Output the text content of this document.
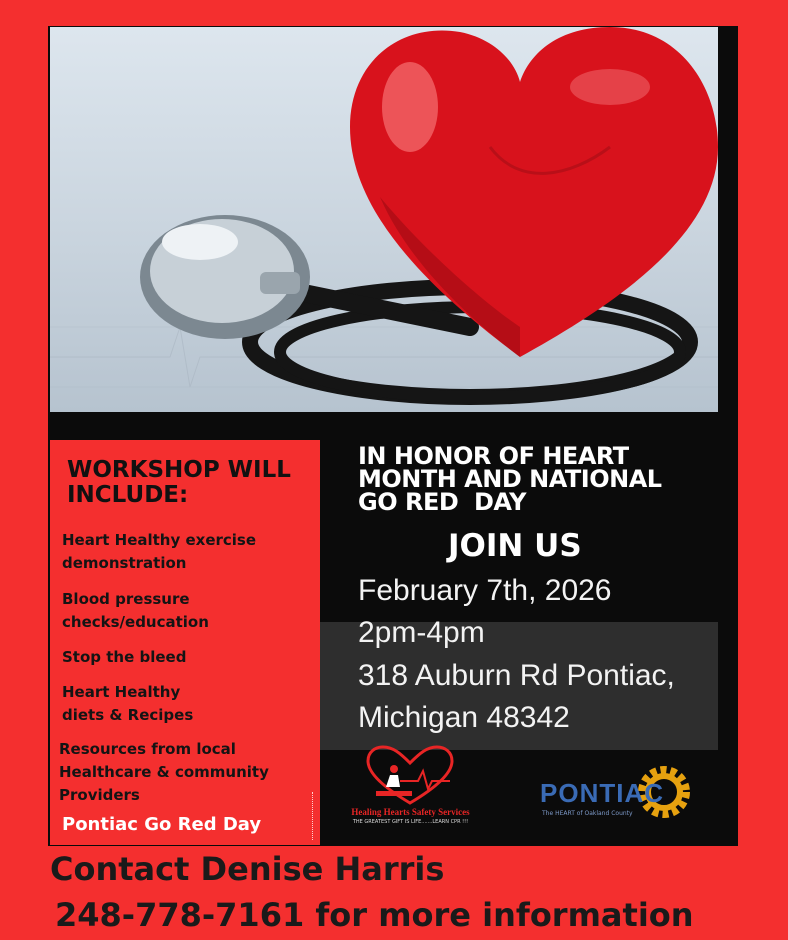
WORKSHOP WILL
INCLUDE:
Heart Healthy exercise
demonstration
Blood pressure
checks/education
Stop the bleed
Heart Healthy
diets & Recipes
Resources from local
Healthcare & community
Providers
Pontiac Go Red Day
IN HONOR OF HEART
MONTH AND NATIONAL
GO RED  DAY
JOIN US
February 7th, 2026
2pm-4pm
318 Auburn Rd Pontiac,
Michigan 48342
Healing Hearts Safety Services
THE GREATEST GIFT IS LIFE.......LEARN CPR !!!
PONTIAC
The HEART of Oakland County
Contact Denise Harris
248-778-7161 for more information
